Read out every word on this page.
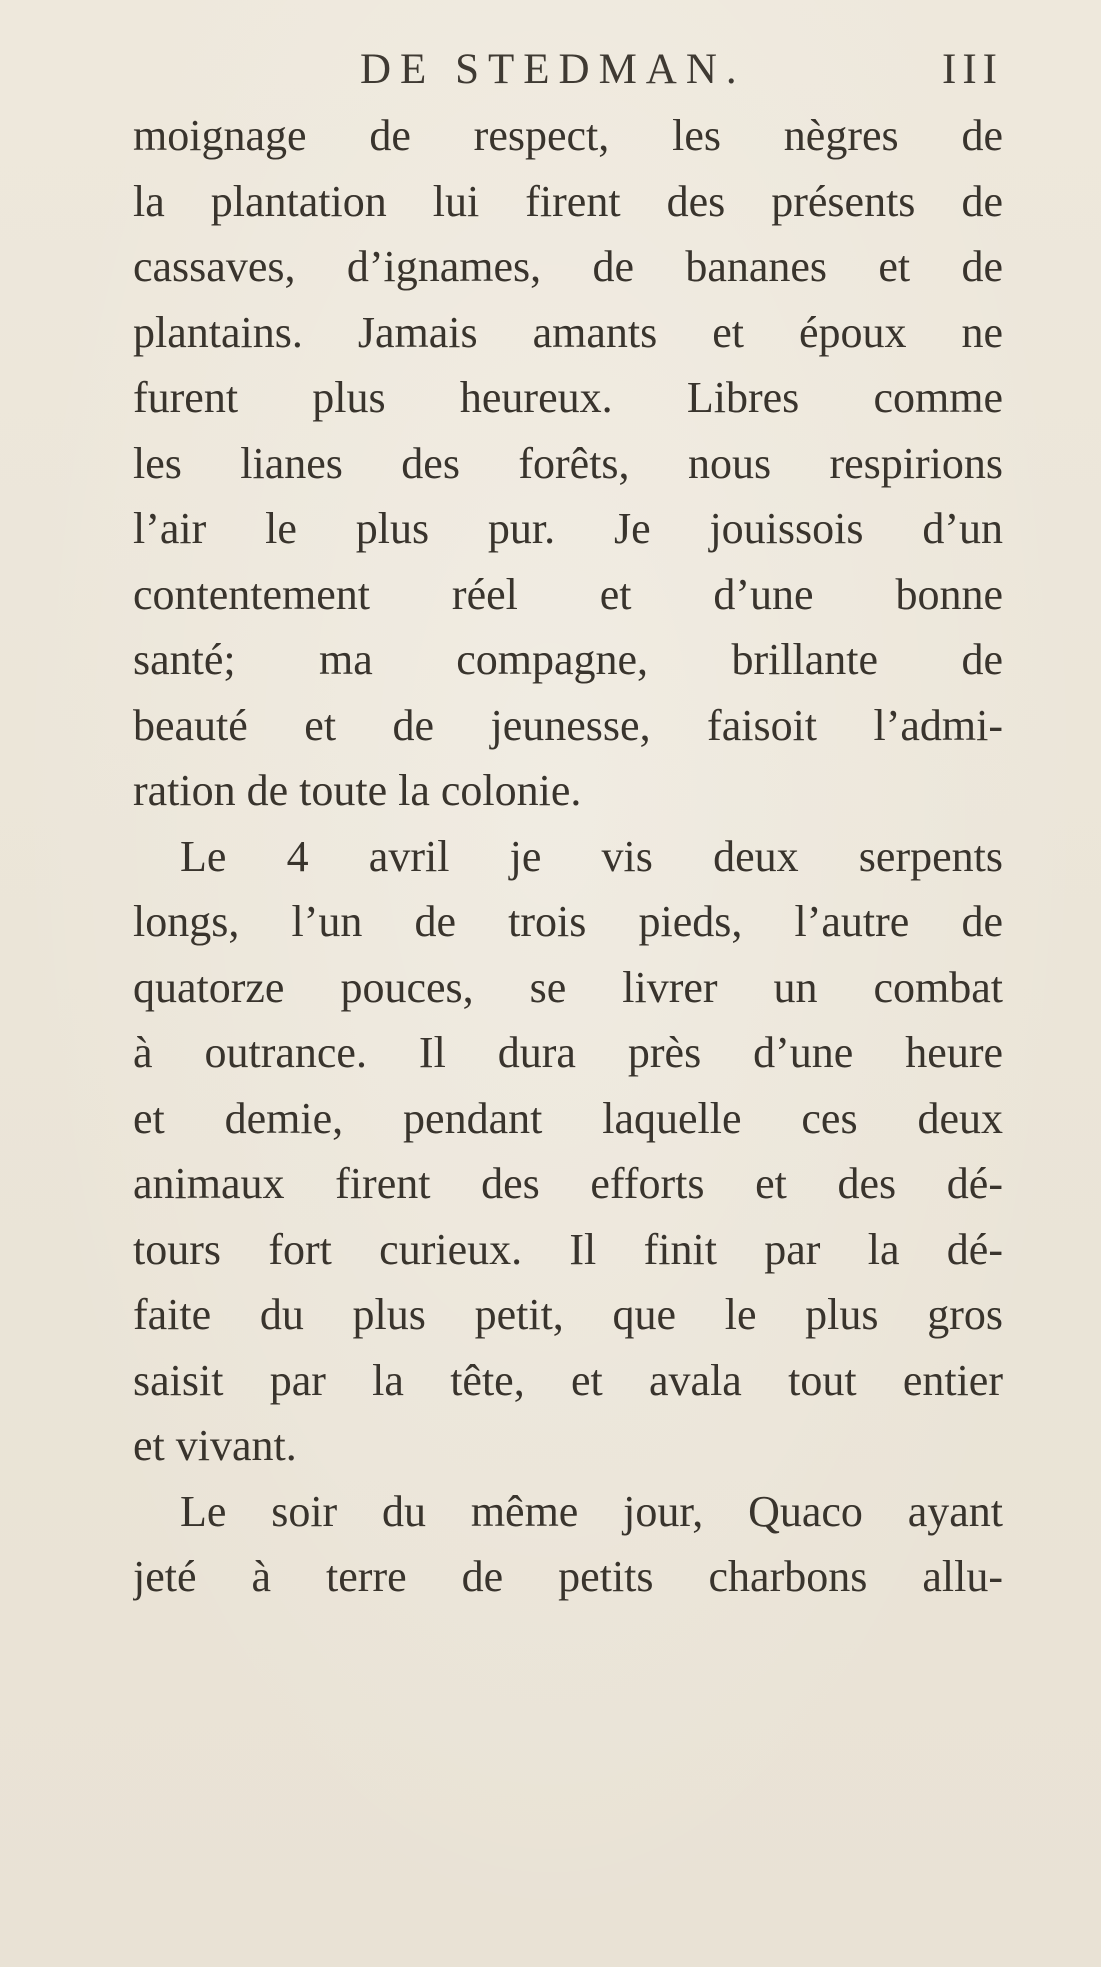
DE STEDMAN.	III
moignage de respect, les nègres de
la plantation lui firent des présents de
cassaves, d’ignames, de bananes et de
plantains. Jamais amants et époux ne
furent plus heureux. Libres comme
les lianes des forêts, nous respirions
l’air le plus pur. Je jouissois d’un
contentement réel et d’une bonne
santé; ma compagne, brillante de
beauté et de jeunesse, faisoit l’admi-
ration de toute la colonie.
Le 4 avril je vis deux serpents
longs, l’un de trois pieds, l’autre de
quatorze pouces, se livrer un combat
à outrance. Il dura près d’une heure
et demie, pendant laquelle ces deux
animaux firent des efforts et des dé-
tours fort curieux. Il finit par la dé-
faite du plus petit, que le plus gros
saisit par la tête, et avala tout entier
et vivant.
Le soir du même jour, Quaco ayant
jeté à terre de petits charbons allu-
